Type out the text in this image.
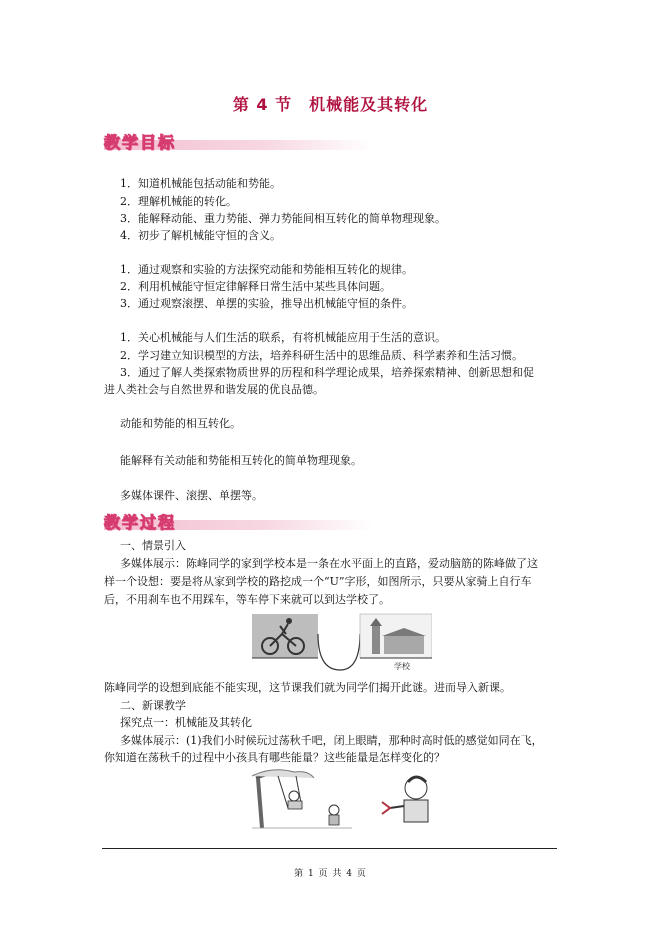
第 4 节　机械能及其转化
教学目标
1．知道机械能包括动能和势能。
2．理解机械能的转化。
3．能解释动能、重力势能、弹力势能间相互转化的简单物理现象。
4．初步了解机械能守恒的含义。
1．通过观察和实验的方法探究动能和势能相互转化的规律。
2．利用机械能守恒定律解释日常生活中某些具体问题。
3．通过观察滚摆、单摆的实验，推导出机械能守恒的条件。
1．关心机械能与人们生活的联系，有将机械能应用于生活的意识。
2．学习建立知识模型的方法，培养科研生活中的思维品质、科学素养和生活习惯。
3．通过了解人类探索物质世界的历程和科学理论成果，培养探索精神、创新思想和促
进人类社会与自然世界和谐发展的优良品德。
动能和势能的相互转化。
能解释有关动能和势能相互转化的简单物理现象。
多媒体课件、滚摆、单摆等。
教学过程
一、情景引入
多媒体展示：陈峰同学的家到学校本是一条在水平面上的直路，爱动脑筋的陈峰做了这
样一个设想：要是将从家到学校的路挖成一个“U”字形，如图所示，只要从家骑上自行车
后，不用刹车也不用踩车，等车停下来就可以到达学校了。
学校
陈峰同学的设想到底能不能实现，这节课我们就为同学们揭开此谜。进而导入新课。
二、新课教学
探究点一：机械能及其转化
多媒体展示：(1)我们小时候玩过荡秋千吧，闭上眼睛，那种时高时低的感觉如同在飞，
你知道在荡秋千的过程中小孩具有哪些能量？这些能量是怎样变化的？
第 1 页 共 4 页
